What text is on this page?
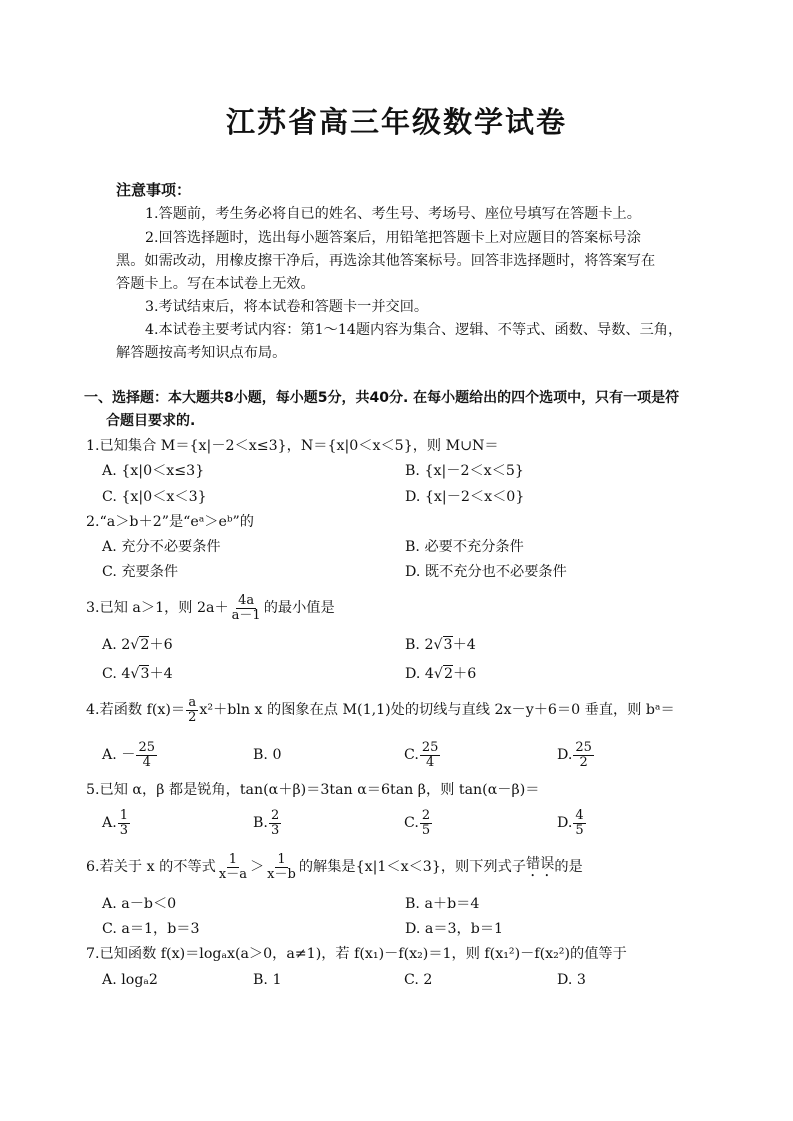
江苏省高三年级数学试卷
注意事项：
1.答题前，考生务必将自已的姓名、考生号、考场号、座位号填写在答题卡上。
2.回答选择题时，选出每小题答案后，用铅笔把答题卡上对应题目的答案标号涂
黑。如需改动，用橡皮擦干净后，再选涂其他答案标号。回答非选择题时，将答案写在
答题卡上。写在本试卷上无效。
3.考试结束后，将本试卷和答题卡一并交回。
4.本试卷主要考试内容：第1～14题内容为集合、逻辑、不等式、函数、导数、三角，
解答题按高考知识点布局。
一、选择题：本大题共8小题，每小题5分，共40分. 在每小题给出的四个选项中，只有一项是符
合题目要求的.
1.已知集合 M＝{x|－2＜x≤3}，N＝{x|0＜x＜5}，则 M∪N＝
A. {x|0＜x≤3}	B. {x|－2＜x＜5}
C. {x|0＜x＜3}	D. {x|－2＜x＜0}
2.“a＞b＋2”是“eᵃ＞eᵇ”的
A. 充分不必要条件	B. 必要不充分条件
C. 充要条件	D. 既不充分也不必要条件
3.已知 a＞1，则 $2a+ \frac{4a}{a-1}$ 的最小值是
A. 2√2＋6	B. 2√3＋4
C. 4√3＋4	D. 4√2＋6
4.若函数 $f(x)= \frac{a}{2} x^2+bln$ x 的图象在点 M(1,1)处的切线与直线 2x－y＋6＝0 垂直，则 bᵃ＝
A. － $\frac{25}{4}$	B. 0	C. $\frac{25}{4}$	D. $\frac{25}{2}$
5.已知 α，β 都是锐角，tan(α＋β)＝3tan α＝6tan β，则 tan(α－β)＝
A. $\frac{1}{3}$	B. $\frac{2}{3}$	C. $\frac{2}{5}$	D. $\frac{4}{5}$
6.若关于 x 的不等式 $\frac{1}{x-a} > \frac{1}{x-b}$ 的解集是{x|1＜x＜3}，则下列式子 错误 的是
A. a－b＜0	B. a＋b＝4
C. a＝1，b＝3	D. a＝3，b＝1
7.已知函数 f(x)＝logₐx(a＞0，a≠1)，若 f(x₁)－f(x₂)＝1，则 f(x₁²)－f(x₂²)的值等于
A. logₐ2	B. 1	C. 2	D. 3
